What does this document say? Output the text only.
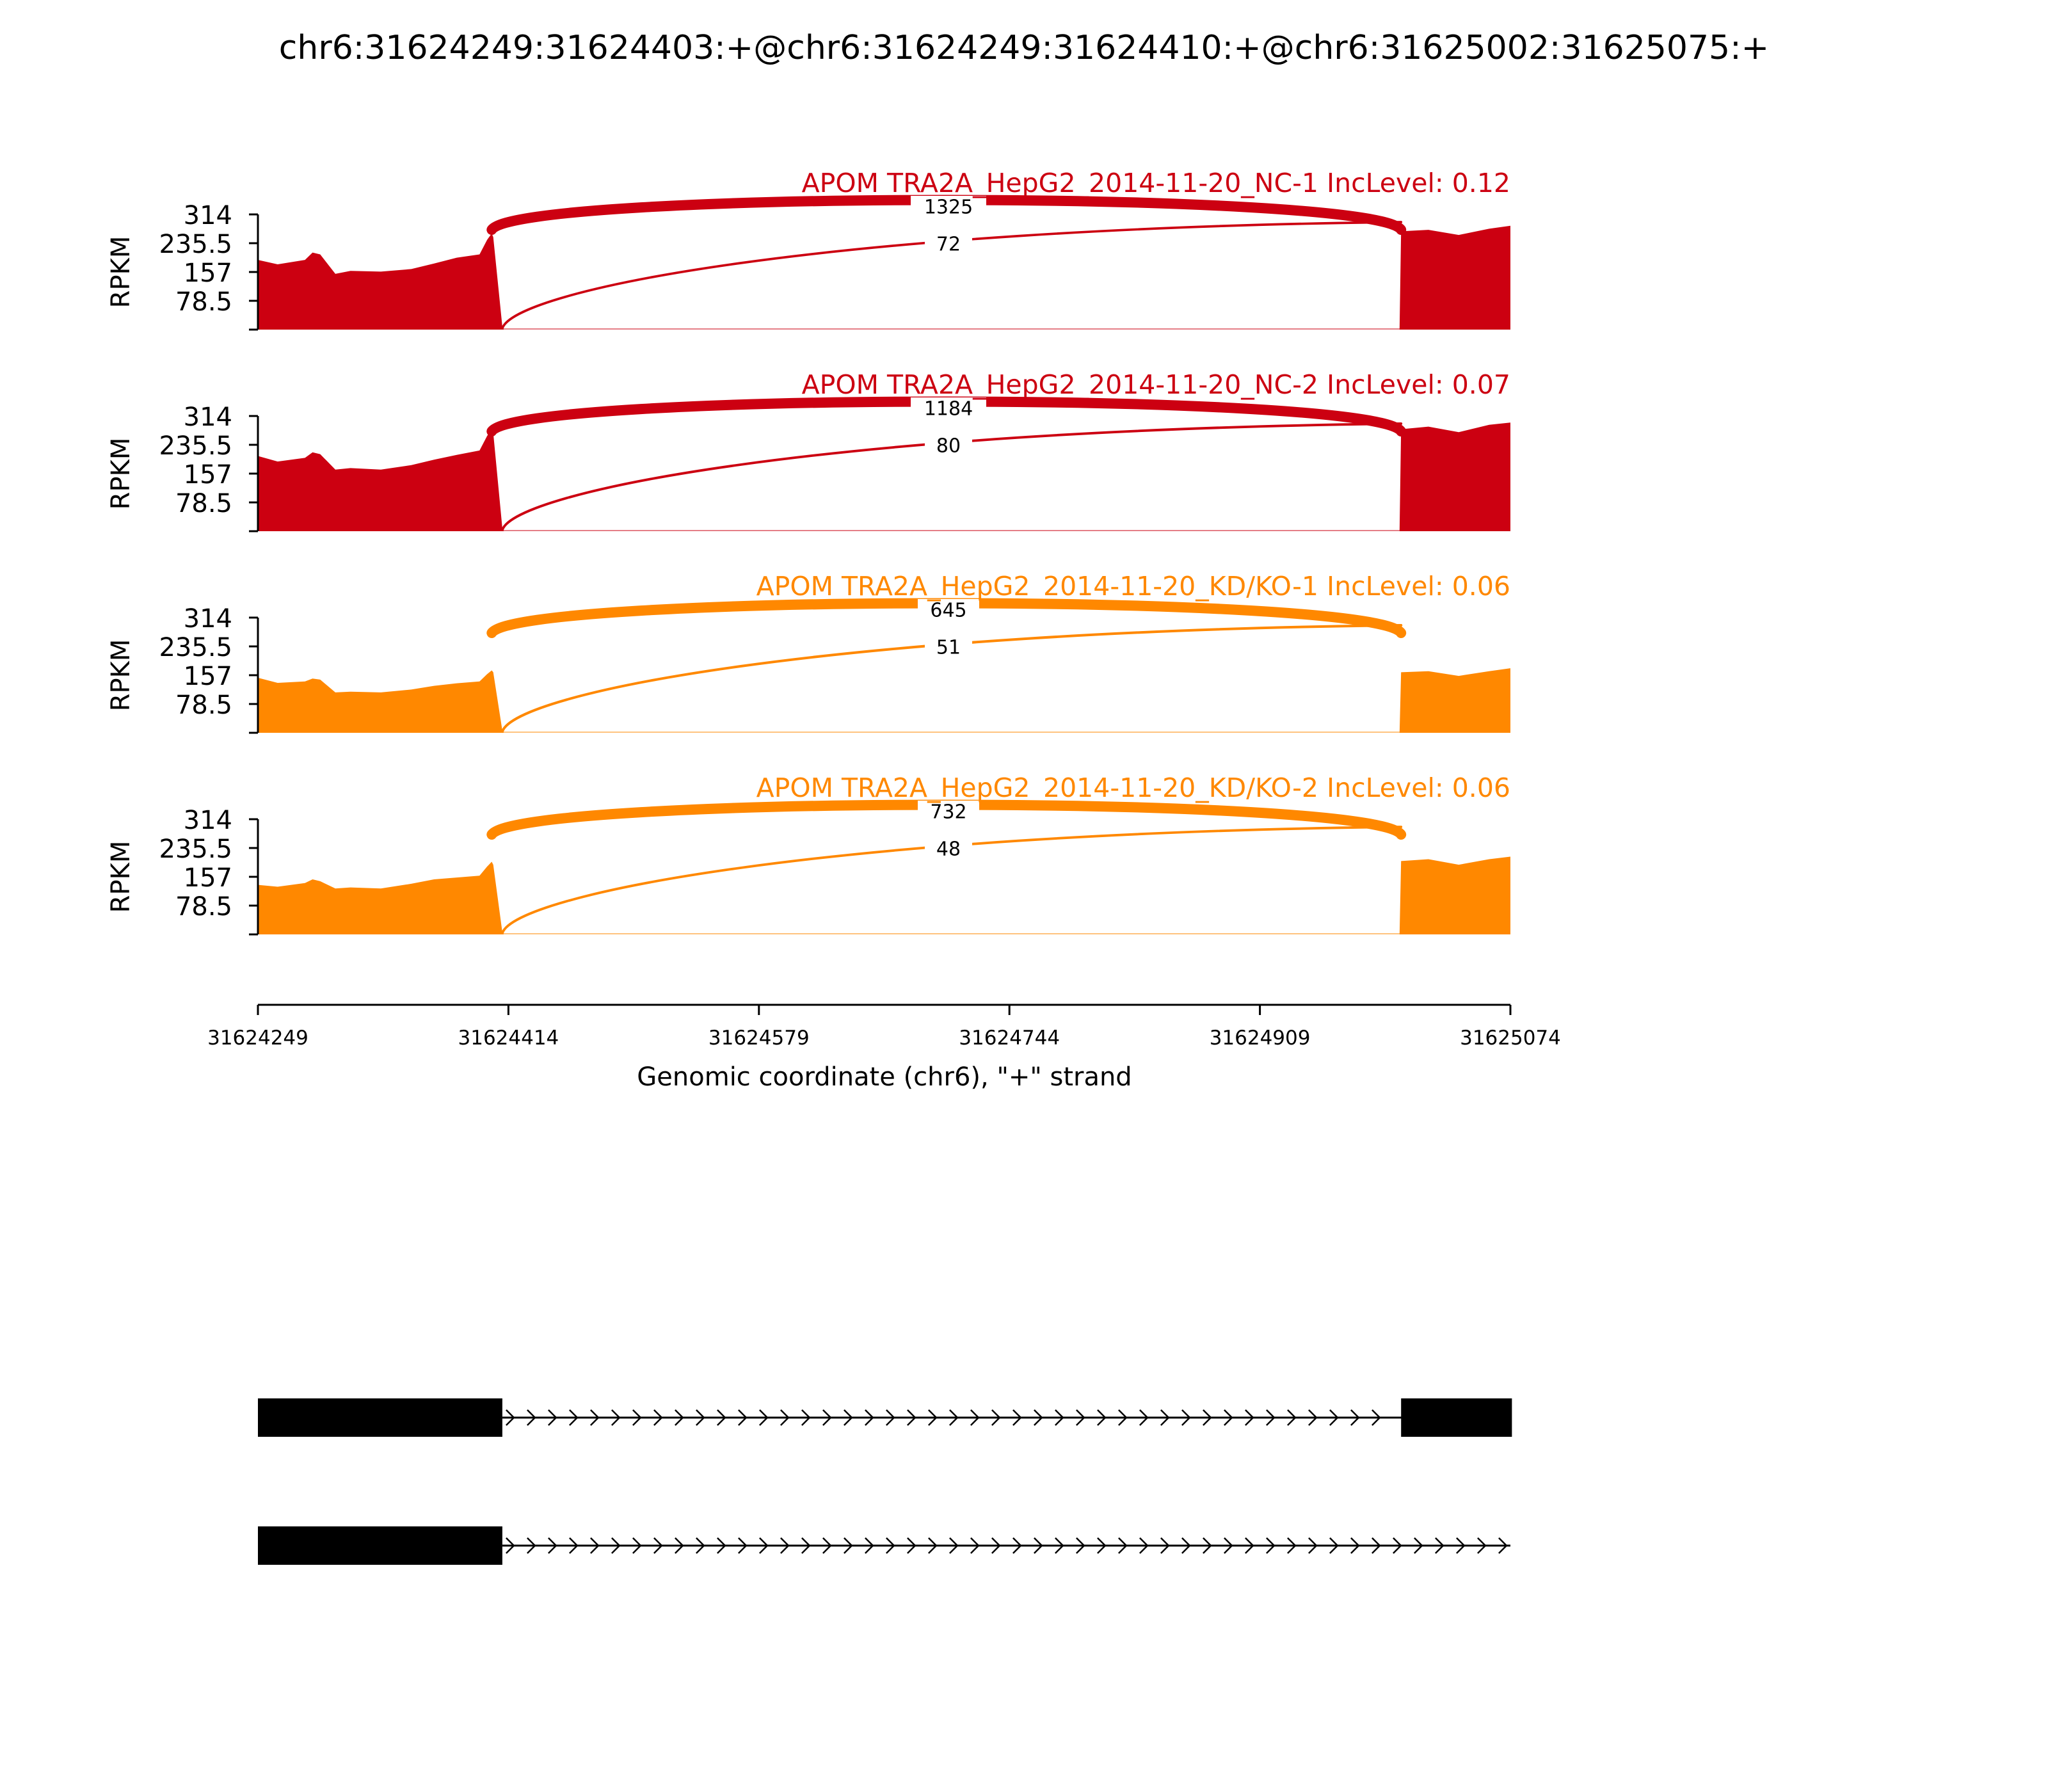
chr6:31624249:31624403:+@chr6:31624249:31624410:+@chr6:31625002:31625075:+
1325
72
APOM TRA2A_HepG2_2014-11-20_NC-1 IncLevel: 0.12
314
235.5
157
78.5
RPKM
1184
80
APOM TRA2A_HepG2_2014-11-20_NC-2 IncLevel: 0.07
314
235.5
157
78.5
RPKM
645
51
APOM TRA2A_HepG2_2014-11-20_KD/KO-1 IncLevel: 0.06
314
235.5
157
78.5
RPKM
732
48
APOM TRA2A_HepG2_2014-11-20_KD/KO-2 IncLevel: 0.06
314
235.5
157
78.5
RPKM
31624249	31624414	31624579	31624744	31624909	31625074
Genomic coordinate (chr6), "+" strand
